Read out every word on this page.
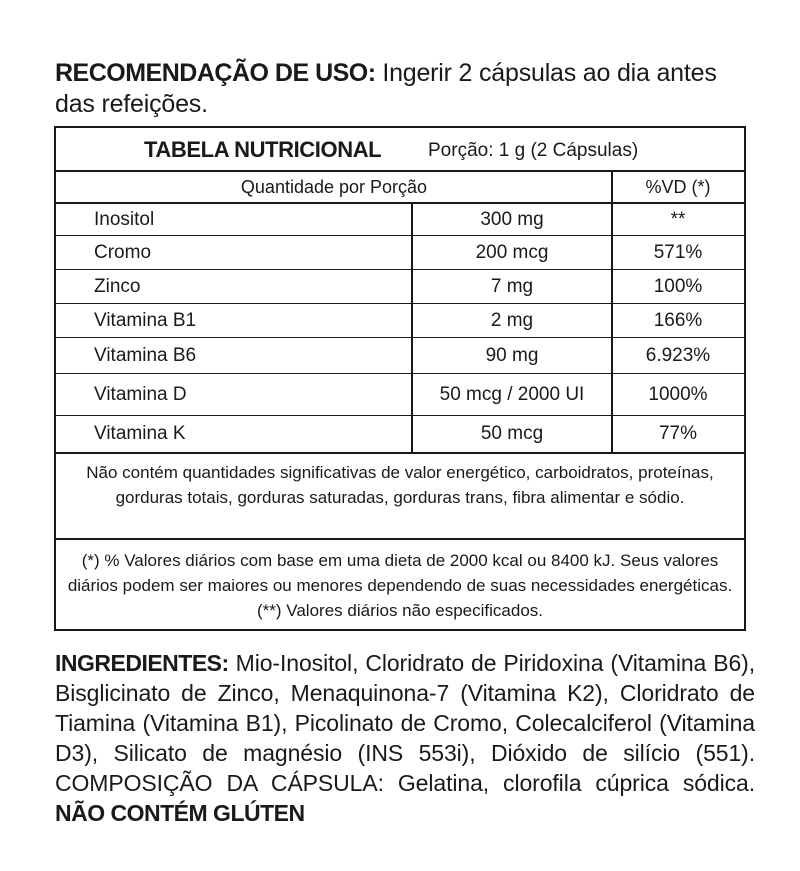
RECOMENDAÇÃO DE USO: Ingerir 2 cápsulas ao dia antes das refeições.
TABELA NUTRICIONAL Porção: 1 g (2 Cápsulas)
Quantidade por Porção	%VD (*)
Inositol	300 mg	**
Cromo	200 mcg	571%
Zinco	7 mg	100%
Vitamina B1	2 mg	166%
Vitamina B6	90 mg	6.923%
Vitamina D	50 mcg / 2000 UI	1000%
Vitamina K	50 mcg	77%
Não contém quantidades significativas de valor energético, carboidratos, proteínas, gorduras totais, gorduras saturadas, gorduras trans, fibra alimentar e sódio.
(*) % Valores diários com base em uma dieta de 2000 kcal ou 8400 kJ. Seus valores diários podem ser maiores ou menores dependendo de suas necessidades energéticas. (**) Valores diários não especificados.
INGREDIENTES: Mio-Inositol, Cloridrato de Piridoxina (Vitamina B6), Bisglicinato de Zinco, Menaquinona-7 (Vitamina K2), Cloridrato de Tiamina (Vitamina B1), Picolinato de Cromo, Colecalciferol (Vitamina D3), Silicato de magnésio (INS 553i), Dióxido de silício (551). COMPOSIÇÃO DA CÁPSULA: Gelatina, clorofila cúprica sódica. NÃO CONTÉM GLÚTEN
